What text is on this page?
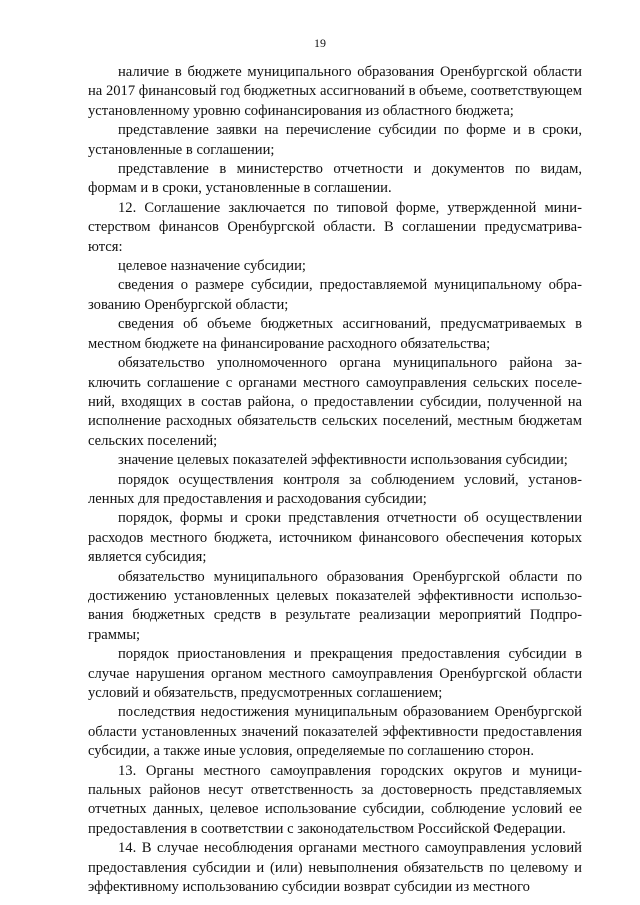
19

наличие в бюджете муниципального образования Оренбургской области на 2017 финансовый год бюджетных ассигнований в объеме, соответствующем установленному уровню софинансирования из областного бюджета;

представление заявки на перечисление субсидии по форме и в сроки, установленные в соглашении;

представление в министерство отчетности и документов по видам, формам и в сроки, установленные в соглашении.

12. Соглашение заключается по типовой форме, утвержденной министерством финансов Оренбургской области. В соглашении предусматриваются:

целевое назначение субсидии;

сведения о размере субсидии, предоставляемой муниципальному образованию Оренбургской области;

сведения об объеме бюджетных ассигнований, предусматриваемых в местном бюджете на финансирование расходного обязательства;

обязательство уполномоченного органа муниципального района заключить соглашение с органами местного самоуправления сельских поселений, входящих в состав района, о предоставлении субсидии, полученной на исполнение расходных обязательств сельских поселений, местным бюджетам сельских поселений;

значение целевых показателей эффективности использования субсидии;

порядок осуществления контроля за соблюдением условий, установленных для предоставления и расходования субсидии;

порядок, формы и сроки представления отчетности об осуществлении расходов местного бюджета, источником финансового обеспечения которых является субсидия;

обязательство муниципального образования Оренбургской области по достижению установленных целевых показателей эффективности использования бюджетных средств в результате реализации мероприятий Подпрограммы;

порядок приостановления и прекращения предоставления субсидии в случае нарушения органом местного самоуправления Оренбургской области условий и обязательств, предусмотренных соглашением;

последствия недостижения муниципальным образованием Оренбургской области установленных значений показателей эффективности предоставления субсидии, а также иные условия, определяемые по соглашению сторон.

13. Органы местного самоуправления городских округов и муниципальных районов несут ответственность за достоверность представляемых отчетных данных, целевое использование субсидии, соблюдение условий ее предоставления в соответствии с законодательством Российской Федерации.

14. В случае несоблюдения органами местного самоуправления условий предоставления субсидии и (или) невыполнения обязательств по целевому и эффективному использованию субсидии возврат субсидии из местного
